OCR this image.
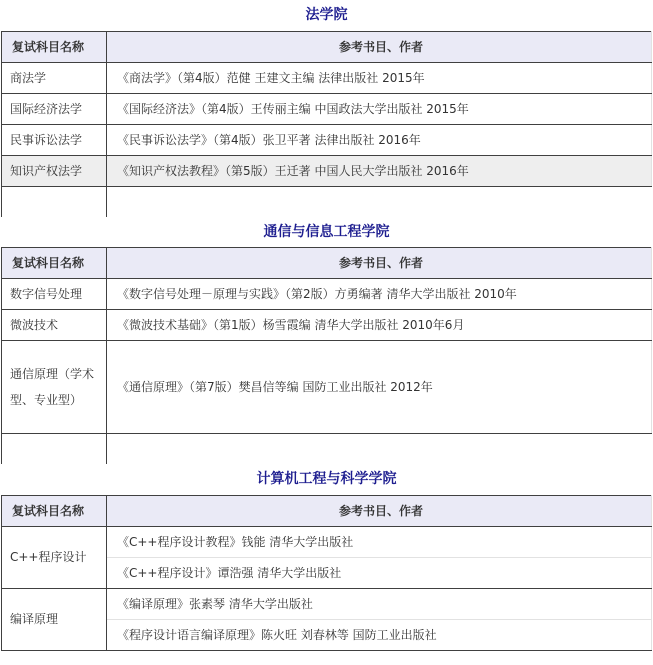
法学院	
复试科目名称	参考书目、作者
商法学	《商法学》（第4版）范健 王建文主编 法律出版社 2015年
国际经济法学	《国际经济法》（第4版）王传丽主编 中国政法大学出版社 2015年
民事诉讼法学	《民事诉讼法学》（第4版）张卫平著 法律出版社 2016年
知识产权法学	《知识产权法教程》（第5版）王迁著 中国人民大学出版社 2016年

通信与信息工程学院	
复试科目名称	参考书目、作者
数字信号处理	《数字信号处理－原理与实践》（第2版）方勇编著 清华大学出版社 2010年
微波技术	《微波技术基础》（第1版）杨雪霞编 清华大学出版社 2010年6月
通信原理（学术型、专业型）	《通信原理》（第7版）樊昌信等编 国防工业出版社 2012年

计算机工程与科学学院	
复试科目名称	参考书目、作者
C++程序设计	《C++程序设计教程》钱能 清华大学出版社
	《C++程序设计》谭浩强 清华大学出版社
编译原理	《编译原理》张素琴 清华大学出版社
	《程序设计语言编译原理》陈火旺 刘春林等 国防工业出版社
